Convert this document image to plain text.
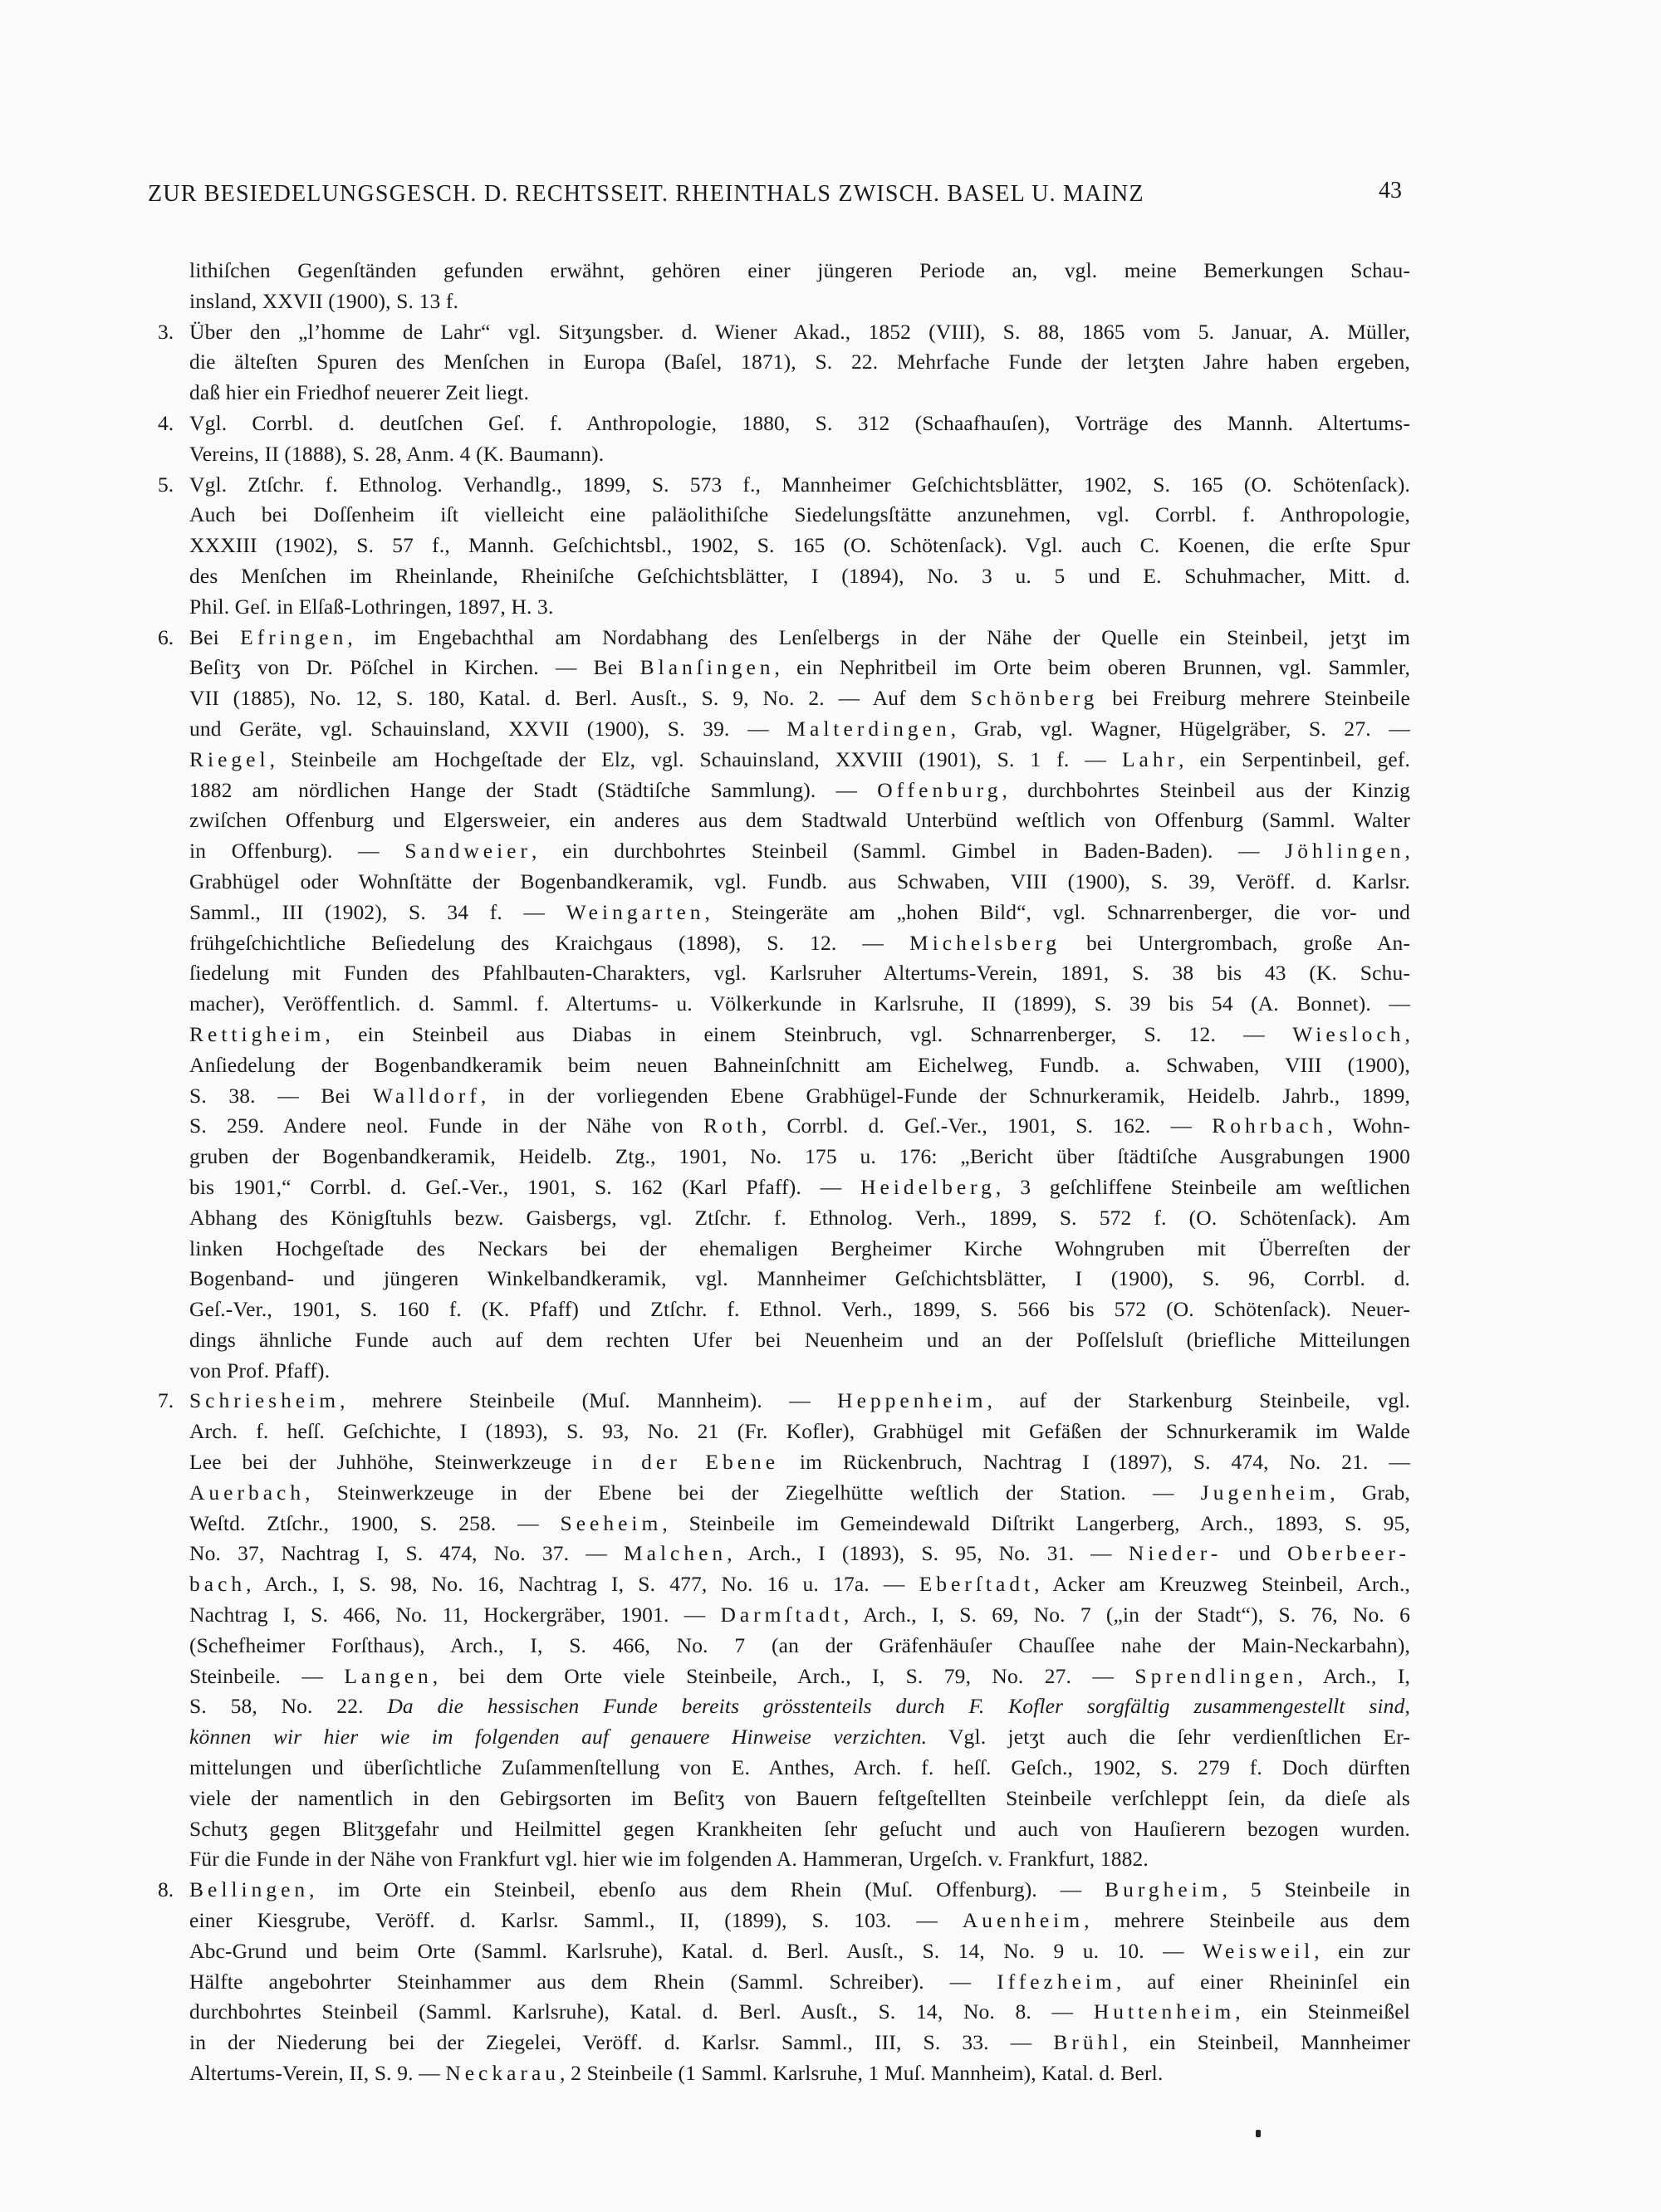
ZUR BESIEDELUNGSGESCH. D. RECHTSSEIT. RHEINTHALS ZWISCH. BASEL U. MAINZ	43
lithiſchen Gegenſtänden gefunden erwähnt, gehören einer jüngeren Periode an, vgl. meine Bemerkungen Schau-
insland, XXVII (1900), S. 13 f.
3. Über den „l’homme de Lahr“ vgl. Sitʒungsber. d. Wiener Akad., 1852 (VIII), S. 88, 1865 vom 5. Januar, A. Müller,
die älteſten Spuren des Menſchen in Europa (Baſel, 1871), S. 22. Mehrfache Funde der letʒten Jahre haben ergeben,
daß hier ein Friedhof neuerer Zeit liegt.
4. Vgl. Corrbl. d. deutſchen Geſ. f. Anthropologie, 1880, S. 312 (Schaafhauſen), Vorträge des Mannh. Altertums-
Vereins, II (1888), S. 28, Anm. 4 (K. Baumann).
5. Vgl. Ztſchr. f. Ethnolog. Verhandlg., 1899, S. 573 f., Mannheimer Geſchichtsblätter, 1902, S. 165 (O. Schötenſack).
Auch bei Doſſenheim iſt vielleicht eine paläolithiſche Siedelungsſtätte anzunehmen, vgl. Corrbl. f. Anthropologie,
XXXIII (1902), S. 57 f., Mannh. Geſchichtsbl., 1902, S. 165 (O. Schötenſack). Vgl. auch C. Koenen, die erſte Spur
des Menſchen im Rheinlande, Rheiniſche Geſchichtsblätter, I (1894), No. 3 u. 5 und E. Schuhmacher, Mitt. d.
Phil. Geſ. in Elſaß-Lothringen, 1897, H. 3.
6. Bei Efringen, im Engebachthal am Nordabhang des Lenſelbergs in der Nähe der Quelle ein Steinbeil, jetʒt im
Beſitʒ von Dr. Pöſchel in Kirchen. — Bei Blanſingen, ein Nephritbeil im Orte beim oberen Brunnen, vgl. Sammler,
VII (1885), No. 12, S. 180, Katal. d. Berl. Ausſt., S. 9, No. 2. — Auf dem Schönberg bei Freiburg mehrere Steinbeile
und Geräte, vgl. Schauinsland, XXVII (1900), S. 39. — Malterdingen, Grab, vgl. Wagner, Hügelgräber, S. 27. —
Riegel, Steinbeile am Hochgeſtade der Elz, vgl. Schauinsland, XXVIII (1901), S. 1 f. — Lahr, ein Serpentinbeil, gef.
1882 am nördlichen Hange der Stadt (Städtiſche Sammlung). — Offenburg, durchbohrtes Steinbeil aus der Kinzig
zwiſchen Offenburg und Elgersweier, ein anderes aus dem Stadtwald Unterbünd weſtlich von Offenburg (Samml. Walter
in Offenburg). — Sandweier, ein durchbohrtes Steinbeil (Samml. Gimbel in Baden-Baden). — Jöhlingen,
Grabhügel oder Wohnſtätte der Bogenbandkeramik, vgl. Fundb. aus Schwaben, VIII (1900), S. 39, Veröff. d. Karlsr.
Samml., III (1902), S. 34 f. — Weingarten, Steingeräte am „hohen Bild“, vgl. Schnarrenberger, die vor- und
frühgeſchichtliche Beſiedelung des Kraichgaus (1898), S. 12. — Michelsberg bei Untergrombach, große An-
ſiedelung mit Funden des Pfahlbauten-Charakters, vgl. Karlsruher Altertums-Verein, 1891, S. 38 bis 43 (K. Schu-
macher), Veröffentlich. d. Samml. f. Altertums- u. Völkerkunde in Karlsruhe, II (1899), S. 39 bis 54 (A. Bonnet). —
Rettigheim, ein Steinbeil aus Diabas in einem Steinbruch, vgl. Schnarrenberger, S. 12. — Wiesloch,
Anſiedelung der Bogenbandkeramik beim neuen Bahneinſchnitt am Eichelweg, Fundb. a. Schwaben, VIII (1900),
S. 38. — Bei Walldorf, in der vorliegenden Ebene Grabhügel-Funde der Schnurkeramik, Heidelb. Jahrb., 1899,
S. 259. Andere neol. Funde in der Nähe von Roth, Corrbl. d. Geſ.-Ver., 1901, S. 162. — Rohrbach, Wohn-
gruben der Bogenbandkeramik, Heidelb. Ztg., 1901, No. 175 u. 176: „Bericht über ſtädtiſche Ausgrabungen 1900
bis 1901,“ Corrbl. d. Geſ.-Ver., 1901, S. 162 (Karl Pfaff). — Heidelberg, 3 geſchliffene Steinbeile am weſtlichen
Abhang des Königſtuhls bezw. Gaisbergs, vgl. Ztſchr. f. Ethnolog. Verh., 1899, S. 572 f. (O. Schötenſack). Am
linken Hochgeſtade des Neckars bei der ehemaligen Bergheimer Kirche Wohngruben mit Überreſten der
Bogenband- und jüngeren Winkelbandkeramik, vgl. Mannheimer Geſchichtsblätter, I (1900), S. 96, Corrbl. d.
Geſ.-Ver., 1901, S. 160 f. (K. Pfaff) und Ztſchr. f. Ethnol. Verh., 1899, S. 566 bis 572 (O. Schötenſack). Neuer-
dings ähnliche Funde auch auf dem rechten Ufer bei Neuenheim und an der Poſſelsluſt (briefliche Mitteilungen
von Prof. Pfaff).
7. Schriesheim, mehrere Steinbeile (Muſ. Mannheim). — Heppenheim, auf der Starkenburg Steinbeile, vgl.
Arch. f. heſſ. Geſchichte, I (1893), S. 93, No. 21 (Fr. Kofler), Grabhügel mit Gefäßen der Schnurkeramik im Walde
Lee bei der Juhhöhe, Steinwerkzeuge in der Ebene im Rückenbruch, Nachtrag I (1897), S. 474, No. 21. —
Auerbach, Steinwerkzeuge in der Ebene bei der Ziegelhütte weſtlich der Station. — Jugenheim, Grab,
Weſtd. Ztſchr., 1900, S. 258. — Seeheim, Steinbeile im Gemeindewald Diſtrikt Langerberg, Arch., 1893, S. 95,
No. 37, Nachtrag I, S. 474, No. 37. — Malchen, Arch., I (1893), S. 95, No. 31. — Nieder- und Oberbeer-
bach, Arch., I, S. 98, No. 16, Nachtrag I, S. 477, No. 16 u. 17a. — Eberſtadt, Acker am Kreuzweg Steinbeil, Arch.,
Nachtrag I, S. 466, No. 11, Hockergräber, 1901. — Darmſtadt, Arch., I, S. 69, No. 7 („in der Stadt“), S. 76, No. 6
(Schefheimer Forſthaus), Arch., I, S. 466, No. 7 (an der Gräfenhäuſer Chauſſee nahe der Main-Neckarbahn),
Steinbeile. — Langen, bei dem Orte viele Steinbeile, Arch., I, S. 79, No. 27. — Sprendlingen, Arch., I,
S. 58, No. 22. Da die hessischen Funde bereits grösstenteils durch F. Kofler sorgfältig zusammengestellt sind,
können wir hier wie im folgenden auf genauere Hinweise verzichten. Vgl. jetʒt auch die ſehr verdienſtlichen Er-
mittelungen und überſichtliche Zuſammenſtellung von E. Anthes, Arch. f. heſſ. Geſch., 1902, S. 279 f. Doch dürften
viele der namentlich in den Gebirgsorten im Beſitʒ von Bauern feſtgeſtellten Steinbeile verſchleppt ſein, da dieſe als
Schutʒ gegen Blitʒgefahr und Heilmittel gegen Krankheiten ſehr geſucht und auch von Hauſierern bezogen wurden.
Für die Funde in der Nähe von Frankfurt vgl. hier wie im folgenden A. Hammeran, Urgeſch. v. Frankfurt, 1882.
8. Bellingen, im Orte ein Steinbeil, ebenſo aus dem Rhein (Muſ. Offenburg). — Burgheim, 5 Steinbeile in
einer Kiesgrube, Veröff. d. Karlsr. Samml., II, (1899), S. 103. — Auenheim, mehrere Steinbeile aus dem
Abc-Grund und beim Orte (Samml. Karlsruhe), Katal. d. Berl. Ausſt., S. 14, No. 9 u. 10. — Weisweil, ein zur
Hälfte angebohrter Steinhammer aus dem Rhein (Samml. Schreiber). — Iffezheim, auf einer Rheininſel ein
durchbohrtes Steinbeil (Samml. Karlsruhe), Katal. d. Berl. Ausſt., S. 14, No. 8. — Huttenheim, ein Steinmeißel
in der Niederung bei der Ziegelei, Veröff. d. Karlsr. Samml., III, S. 33. — Brühl, ein Steinbeil, Mannheimer
Altertums-Verein, II, S. 9. — Neckarau, 2 Steinbeile (1 Samml. Karlsruhe, 1 Muſ. Mannheim), Katal. d. Berl.
